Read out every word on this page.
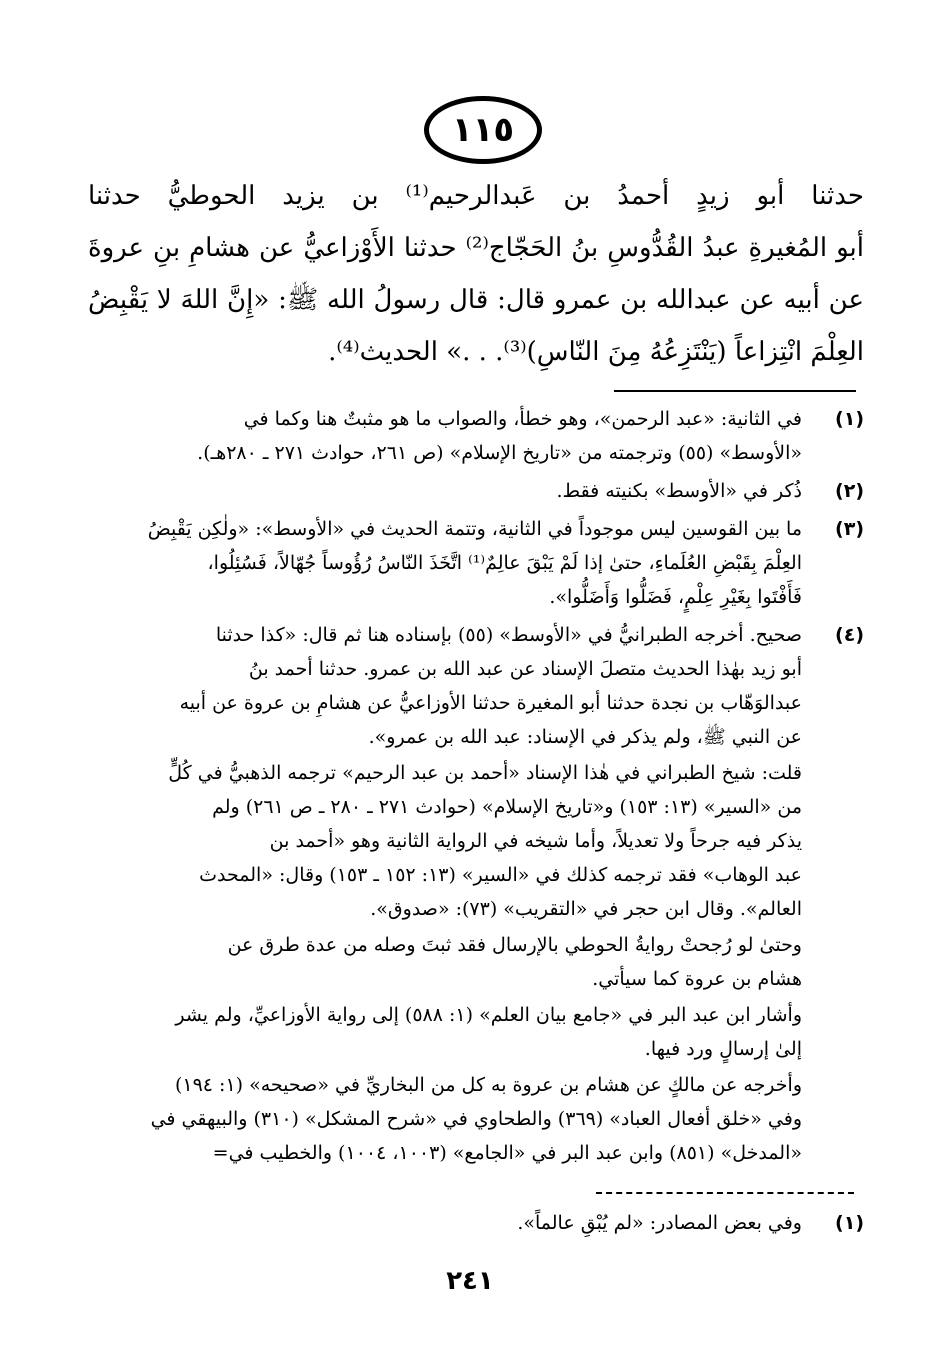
١١٥
حدثنا أبو زيدٍ أحمدُ بن عَبدالرحيم⁽¹⁾ بن يزيد الحوطيُّ حدثنا
أبو المُغيرةِ عبدُ القُدُّوسِ بنُ الحَجّاج⁽²⁾ حدثنا الأَوْزاعيُّ عن هشامِ بنِ عروةَ
عن أبيه عن عبدالله بن عمرو قال: قال رسولُ الله ﷺ: «إِنَّ اللهَ لا يَقْبِضُ
العِلْمَ انْتِزاعاً (يَنْتَزِعُهُ مِنَ النّاسِ)⁽³⁾. . .» الحديث⁽⁴⁾.
(١)
في الثانية: «عبد الرحمن»، وهو خطأ، والصواب ما هو مثبتٌ هنا وكما في
«الأوسط» (٥٥) وترجمته من «تاريخ الإسلام» (ص ٢٦١، حوادث ٢٧١ ـ ٢٨٠هـ).
(٢)
ذُكر في «الأوسط» بكنيته فقط.
(٣)
ما بين القوسين ليس موجوداً في الثانية، وتتمة الحديث في «الأوسط»: «ولٰكِن يَقْبِضُ
العِلْمَ بِقَبْضِ العُلَماءِ، حتىٰ إذا لَمْ يَبْقَ عالِمٌ⁽¹⁾ اتَّخَذَ النّاسُ رُؤُوساً جُهّالاً، فَسُئِلُوا،
فَأَفْتَوا بِغَيْرِ عِلْمٍ، فَضَلُّوا وَأَضَلُّوا».
(٤)
صحيح. أخرجه الطبرانيُّ في «الأوسط» (٥٥) بإسناده هنا ثم قال: «كذا حدثنا
أبو زيد بهٰذا الحديث متصلَ الإسناد عن عبد الله بن عمرو. حدثنا أحمد بنُ
عبدالوَهّاب بن نجدة حدثنا أبو المغيرة حدثنا الأوزاعيُّ عن هشامِ بن عروة عن أبيه
عن النبي ﷺ، ولم يذكر في الإسناد: عبد الله بن عمرو».
قلت: شيخ الطبراني في هٰذا الإسناد «أحمد بن عبد الرحيم» ترجمه الذهبيُّ في كُلٍّ
من «السير» (١٣: ١٥٣) و«تاريخ الإسلام» (حوادث ٢٧١ ـ ٢٨٠ ـ ص ٢٦١) ولم
يذكر فيه جرحاً ولا تعديلاً، وأما شيخه في الرواية الثانية وهو «أحمد بن
عبد الوهاب» فقد ترجمه كذلك في «السير» (١٣: ١٥٢ ـ ١٥٣) وقال: «المحدث
العالم». وقال ابن حجر في «التقريب» (٧٣): «صدوق».
وحتىٰ لو رُجحتْ روايةُ الحوطي بالإرسال فقد ثبتَ وصله من عدة طرق عن
هشام بن عروة كما سيأتي.
وأشار ابن عبد البر في «جامع بيان العلم» (١: ٥٨٨) إلى رواية الأوزاعيِّ، ولم يشر
إلىٰ إرسالٍ ورد فيها.
وأخرجه عن مالكٍ عن هشام بن عروة به كل من البخاريِّ في «صحيحه» (١: ١٩٤)
وفي «خلق أفعال العباد» (٣٦٩) والطحاوي في «شرح المشكل» (٣١٠) والبيهقي في
«المدخل» (٨٥١) وابن عبد البر في «الجامع» (١٠٠٣، ١٠٠٤) والخطيب في=
(١)
وفي بعض المصادر: «لم يُبْقِ عالماً».
٢٤١
